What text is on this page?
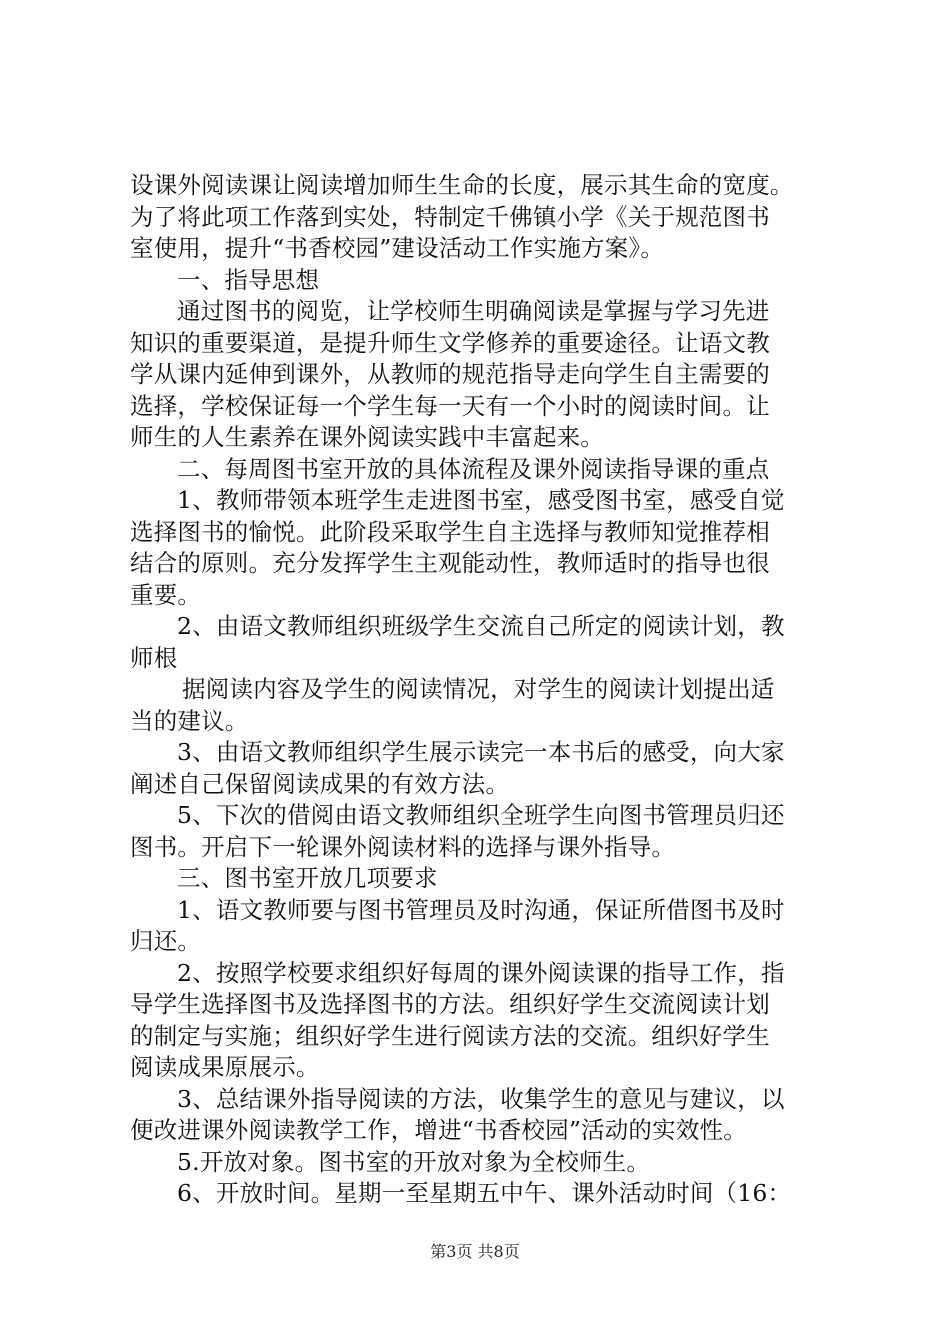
设课外阅读课让阅读增加师生生命的长度，展示其生命的宽度。
为了将此项工作落到实处，特制定千佛镇小学《关于规范图书
室使用，提升“书香校园”建设活动工作实施方案》。
一、指导思想
通过图书的阅览，让学校师生明确阅读是掌握与学习先进
知识的重要渠道，是提升师生文学修养的重要途径。让语文教
学从课内延伸到课外，从教师的规范指导走向学生自主需要的
选择，学校保证每一个学生每一天有一个小时的阅读时间。让
师生的人生素养在课外阅读实践中丰富起来。
二、每周图书室开放的具体流程及课外阅读指导课的重点
1、教师带领本班学生走进图书室，感受图书室，感受自觉
选择图书的愉悦。此阶段采取学生自主选择与教师知觉推荐相
结合的原则。充分发挥学生主观能动性，教师适时的指导也很
重要。
2、由语文教师组织班级学生交流自己所定的阅读计划，教
师根
据阅读内容及学生的阅读情况，对学生的阅读计划提出适
当的建议。
3、由语文教师组织学生展示读完一本书后的感受，向大家
阐述自己保留阅读成果的有效方法。
5、下次的借阅由语文教师组织全班学生向图书管理员归还
图书。开启下一轮课外阅读材料的选择与课外指导。
三、图书室开放几项要求
1、语文教师要与图书管理员及时沟通，保证所借图书及时
归还。
2、按照学校要求组织好每周的课外阅读课的指导工作，指
导学生选择图书及选择图书的方法。组织好学生交流阅读计划
的制定与实施；组织好学生进行阅读方法的交流。组织好学生
阅读成果原展示。
3、总结课外指导阅读的方法，收集学生的意见与建议，以
便改进课外阅读教学工作，增进“书香校园”活动的实效性。
5.开放对象。图书室的开放对象为全校师生。
6、开放时间。星期一至星期五中午、课外活动时间（16：
第3页 共8页
